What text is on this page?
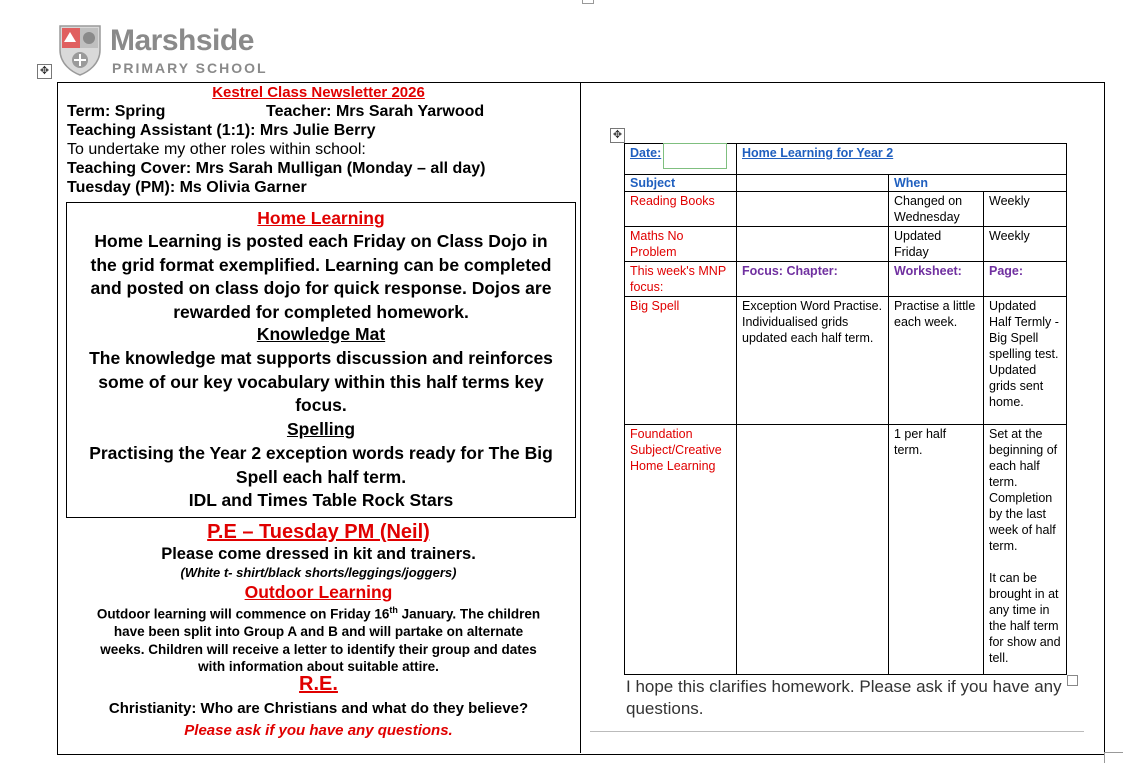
Marshside
PRIMARY SCHOOL
✥
✥
Kestrel Class Newsletter 2026
Term: Spring	Teacher: Mrs Sarah Yarwood
Teaching Assistant (1:1): Mrs Julie Berry
To undertake my other roles within school:
Teaching Cover: Mrs Sarah Mulligan (Monday – all day)
Tuesday (PM): Ms Olivia Garner
Home Learning
Home Learning is posted each Friday on Class Dojo in
the grid format exemplified. Learning can be completed
and posted on class dojo for quick response. Dojos are
rewarded for completed homework.
Knowledge Mat
The knowledge mat supports discussion and reinforces
some of our key vocabulary within this half terms key
focus.
Spelling
Practising the Year 2 exception words ready for The Big
Spell each half term.
IDL and Times Table Rock Stars
P.E – Tuesday PM (Neil)
Please come dressed in kit and trainers.
(White t- shirt/black shorts/leggings/joggers)
Outdoor Learning
Outdoor learning will commence on Friday 16th January. The children
have been split into Group A and B and will partake on alternate
weeks. Children will receive a letter to identify their group and dates
with information about suitable attire.
R.E.
Christianity: Who are Christians and what do they believe?
Please ask if you have any questions.
Date:	Home Learning for Year 2		
Subject		When	
Reading Books		Changed on Wednesday	Weekly
Maths No Problem		Updated Friday	Weekly
This week's MNP focus:	Focus: Chapter:	Worksheet:	Page:
Big Spell	Exception Word Practise. Individualised grids updated each half term.	Practise a little each week.	Updated Half Termly - Big Spell spelling test. Updated grids sent home.
Foundation Subject/Creative Home Learning		1 per half term.	Set at the beginning of each half term. Completion by the last week of half term.
It can be brought in at any time in the half term for show and tell.
I hope this clarifies homework. Please ask if you have any questions.
